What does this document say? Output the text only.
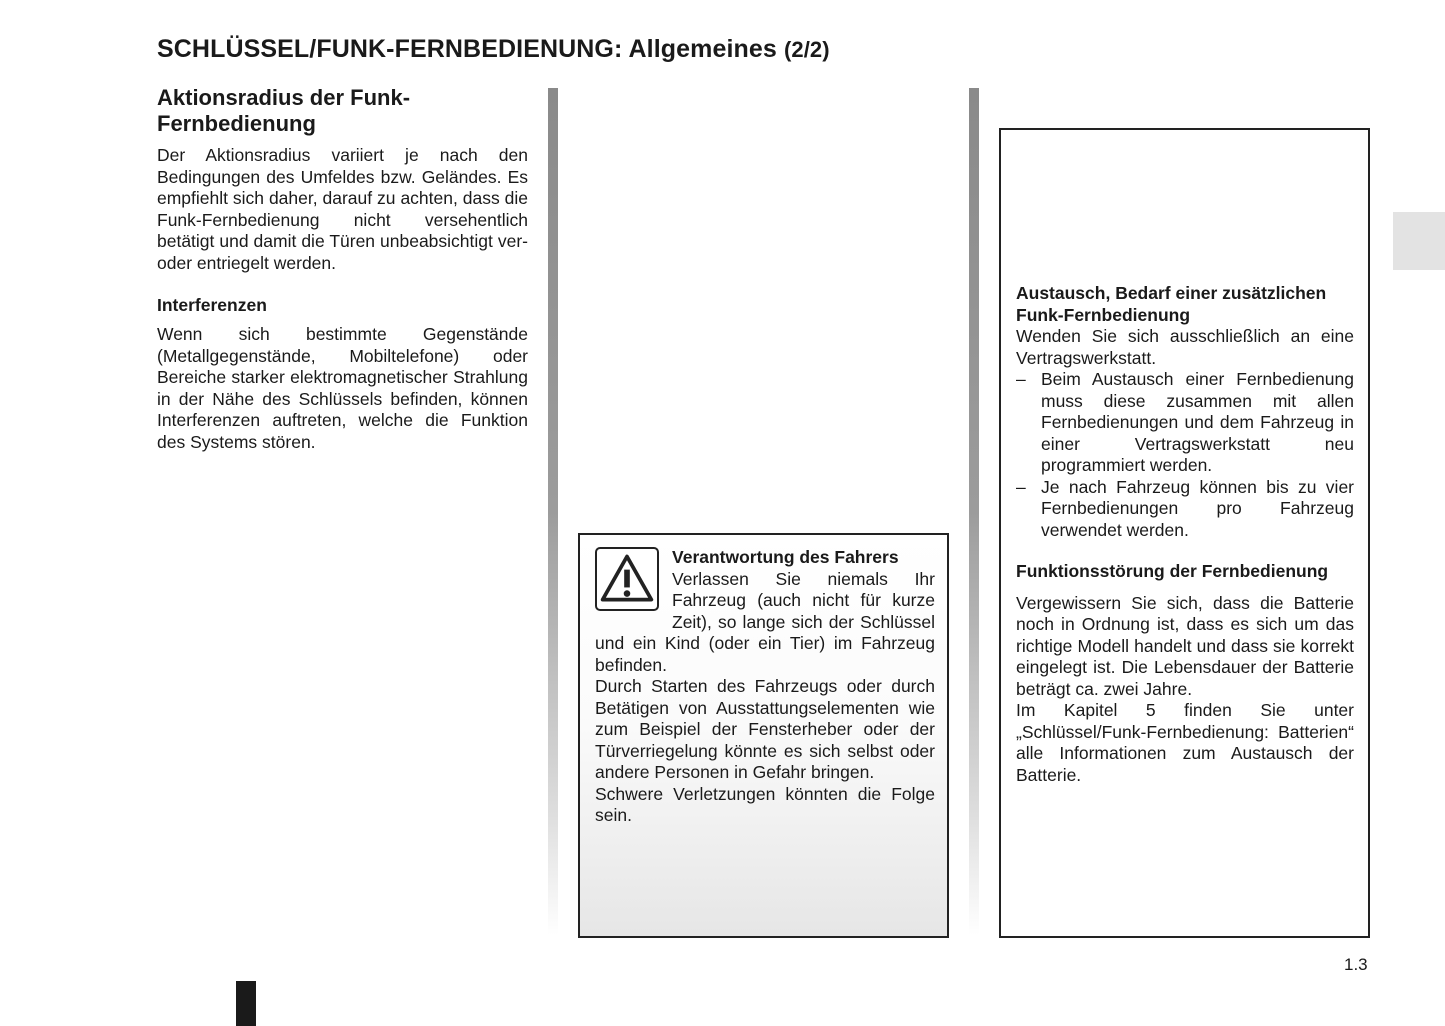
SCHLÜSSEL/FUNK-FERNBEDIENUNG: Allgemeines (2/2)
Aktionsradius der Funk-Fernbedienung

Der Aktionsradius variiert je nach den Bedingungen des Umfeldes bzw. Geländes. Es empfiehlt sich daher, darauf zu achten, dass die Funk-Fernbedienung nicht versehentlich betätigt und damit die Türen unbeabsichtigt ver- oder entriegelt werden.

Interferenzen

Wenn sich bestimmte Gegenstände (Metallgegenstände, Mobiltelefone) oder Bereiche starker elektromagnetischer Strahlung in der Nähe des Schlüssels befinden, können Interferenzen auftreten, welche die Funktion des Systems stören.

Verantwortung des Fahrers

Verlassen Sie niemals Ihr Fahrzeug (auch nicht für kurze Zeit), so lange sich der Schlüssel und ein Kind (oder ein Tier) im Fahrzeug befinden.

Durch Starten des Fahrzeugs oder durch Betätigen von Ausstattungselementen wie zum Beispiel der Fensterheber oder der Türverriegelung könnte es sich selbst oder andere Personen in Gefahr bringen.

Schwere Verletzungen könnten die Folge sein.

Austausch, Bedarf einer zusätzlichen Funk-Fernbedienung

Wenden Sie sich ausschließlich an eine Vertragswerkstatt.

– Beim Austausch einer Fernbedienung muss diese zusammen mit allen Fernbedienungen und dem Fahrzeug in einer Vertragswerkstatt neu programmiert werden.
– Je nach Fahrzeug können bis zu vier Fernbedienungen pro Fahrzeug verwendet werden.
Funktionsstörung der Fernbedienung

Vergewissern Sie sich, dass die Batterie noch in Ordnung ist, dass es sich um das richtige Modell handelt und dass sie korrekt eingelegt ist. Die Lebensdauer der Batterie beträgt ca. zwei Jahre.

Im Kapitel 5 finden Sie unter „Schlüssel/Funk-Fernbedienung: Batterien“ alle Informationen zum Austausch der Batterie.

1.3
